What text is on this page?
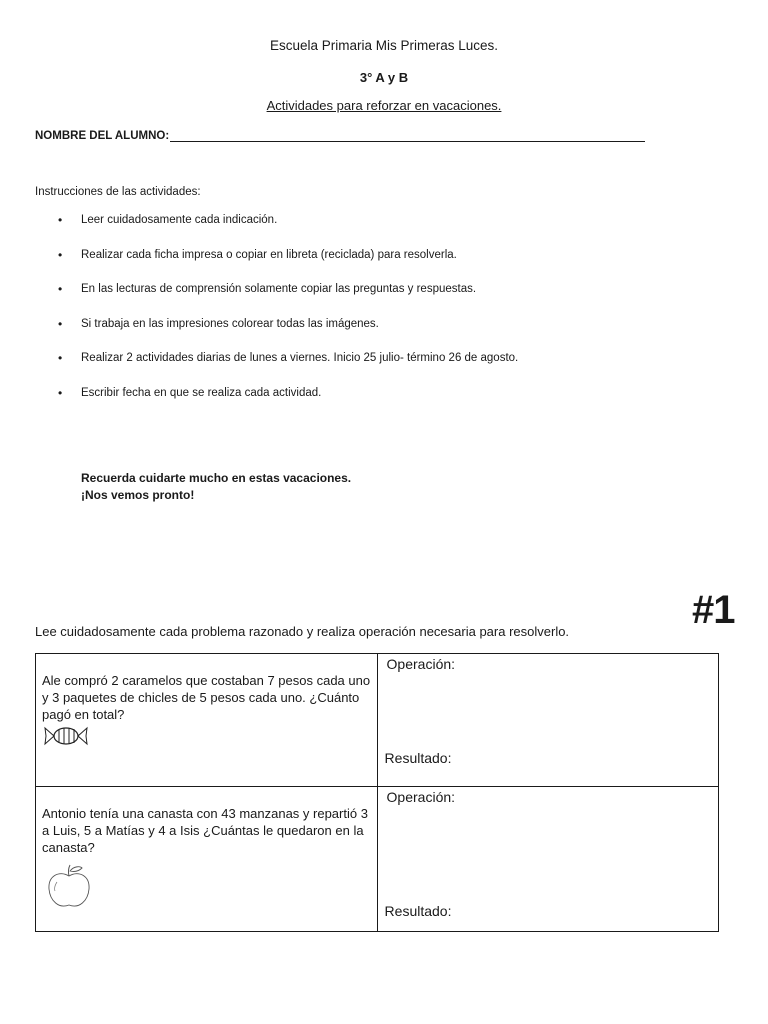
Escuela Primaria Mis Primeras Luces.
3° A y B
Actividades para reforzar en vacaciones.
NOMBRE DEL ALUMNO:
Instrucciones de las actividades:
• Leer cuidadosamente cada indicación.
• Realizar cada ficha impresa o copiar en libreta (reciclada) para resolverla.
• En las lecturas de comprensión solamente copiar las preguntas y respuestas.
• Si trabaja en las impresiones colorear todas las imágenes.
• Realizar 2 actividades diarias de lunes a viernes. Inicio 25 julio- término 26 de agosto.
• Escribir fecha en que se realiza cada actividad.
Recuerda cuidarte mucho en estas vacaciones.
¡Nos vemos pronto!
#1
Lee cuidadosamente cada problema razonado y realiza operación necesaria para resolverlo.
Ale compró 2 caramelos que costaban 7 pesos cada uno y 3 paquetes de chicles de 5 pesos cada uno. ¿Cuánto pagó en total?	Operación:
Resultado:

Antonio tenía una canasta con 43 manzanas y repartió 3 a Luis, 5 a Matías y 4 a Isis ¿Cuántas le quedaron en la canasta?	Operación:
Resultado:
